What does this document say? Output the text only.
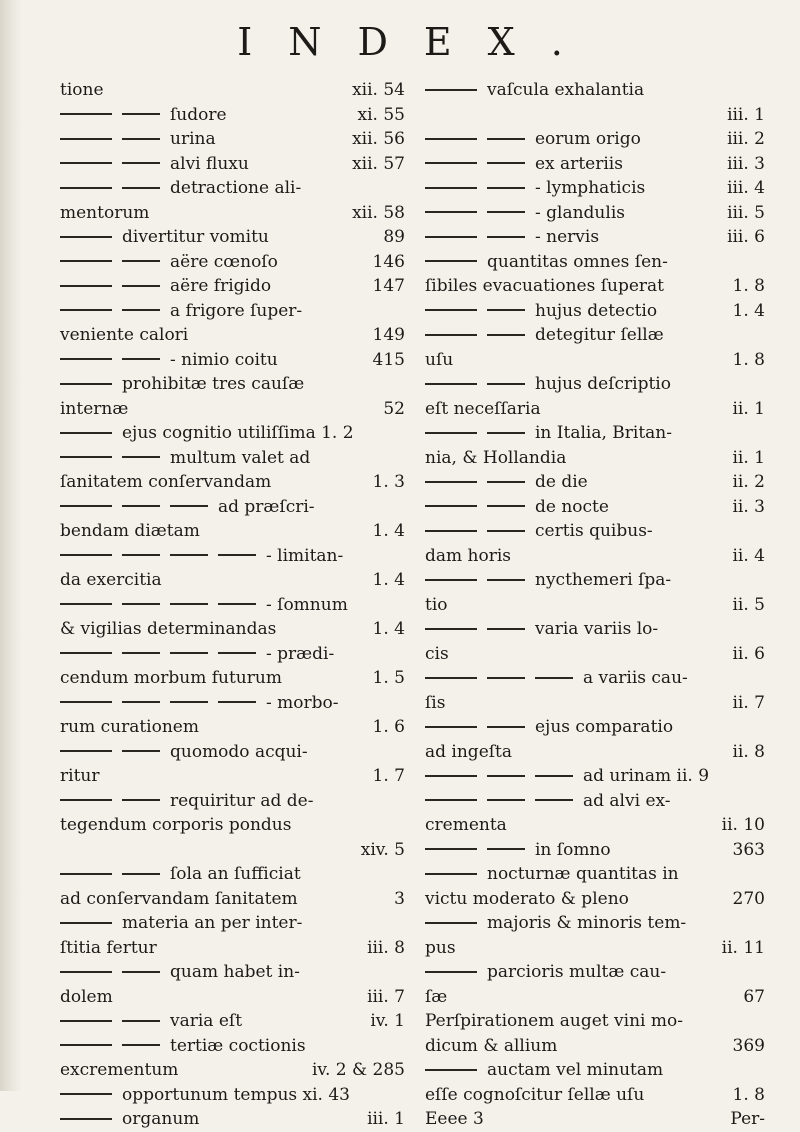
INDEX.
tione	xii. 54
ſudore	xi. 55
urina	xii. 56
alvi fluxu	xii. 57
detractione ali-
mentorum	xii. 58
divertitur vomitu	89
aëre cœnoſo	146
aëre frigido	147
a frigore ſuper-
veniente calori	149
- nimio coitu	415
prohibitæ tres cauſæ
internæ	52
ejus cognitio utiliſſima 1. 2
multum valet ad
ſanitatem conſervandam	1. 3
ad præſcri-
bendam diætam	1. 4
- limitan-
da exercitia	1. 4
- ſomnum
& vigilias determinandas	1. 4
- prædi-
cendum morbum futurum	1. 5
- morbo-
rum curationem	1. 6
quomodo acqui-
ritur	1. 7
requiritur ad de-
tegendum corporis pondus
xiv. 5
ſola an ſufficiat
ad conſervandam ſanitatem	3
materia an per inter-
ſtitia fertur	iii. 8
quam habet in-
dolem	iii. 7
varia eſt	iv. 1
tertiæ coctionis
excrementum	iv. 2 & 285
opportunum tempus xi. 43
organum	iii. 1
vaſcula exhalantia
iii. 1
eorum origo	iii. 2
ex arteriis	iii. 3
- lymphaticis	iii. 4
- glandulis	iii. 5
- nervis	iii. 6
quantitas omnes ſen-
ſibiles evacuationes ſuperat	1. 8
hujus detectio	1. 4
detegitur ſellæ
uſu	1. 8
hujus deſcriptio
eſt neceſſaria	ii. 1
in Italia, Britan-
nia, & Hollandia	ii. 1
de die	ii. 2
de nocte	ii. 3
certis quibus-
dam horis	ii. 4
nycthemeri ſpa-
tio	ii. 5
varia variis lo-
cis	ii. 6
a variis cau-
ſis	ii. 7
ejus comparatio
ad ingeſta	ii. 8
ad urinam ii. 9
ad alvi ex-
crementa	ii. 10
in ſomno	363
nocturnæ quantitas in
victu moderato & pleno	270
majoris & minoris tem-
pus	ii. 11
parcioris multæ cau-
ſæ	67
Perſpirationem auget vini mo-
dicum & allium	369
auctam vel minutam
eſſe cognoſcitur ſellæ uſu	1. 8
Eeee 3	Per-
